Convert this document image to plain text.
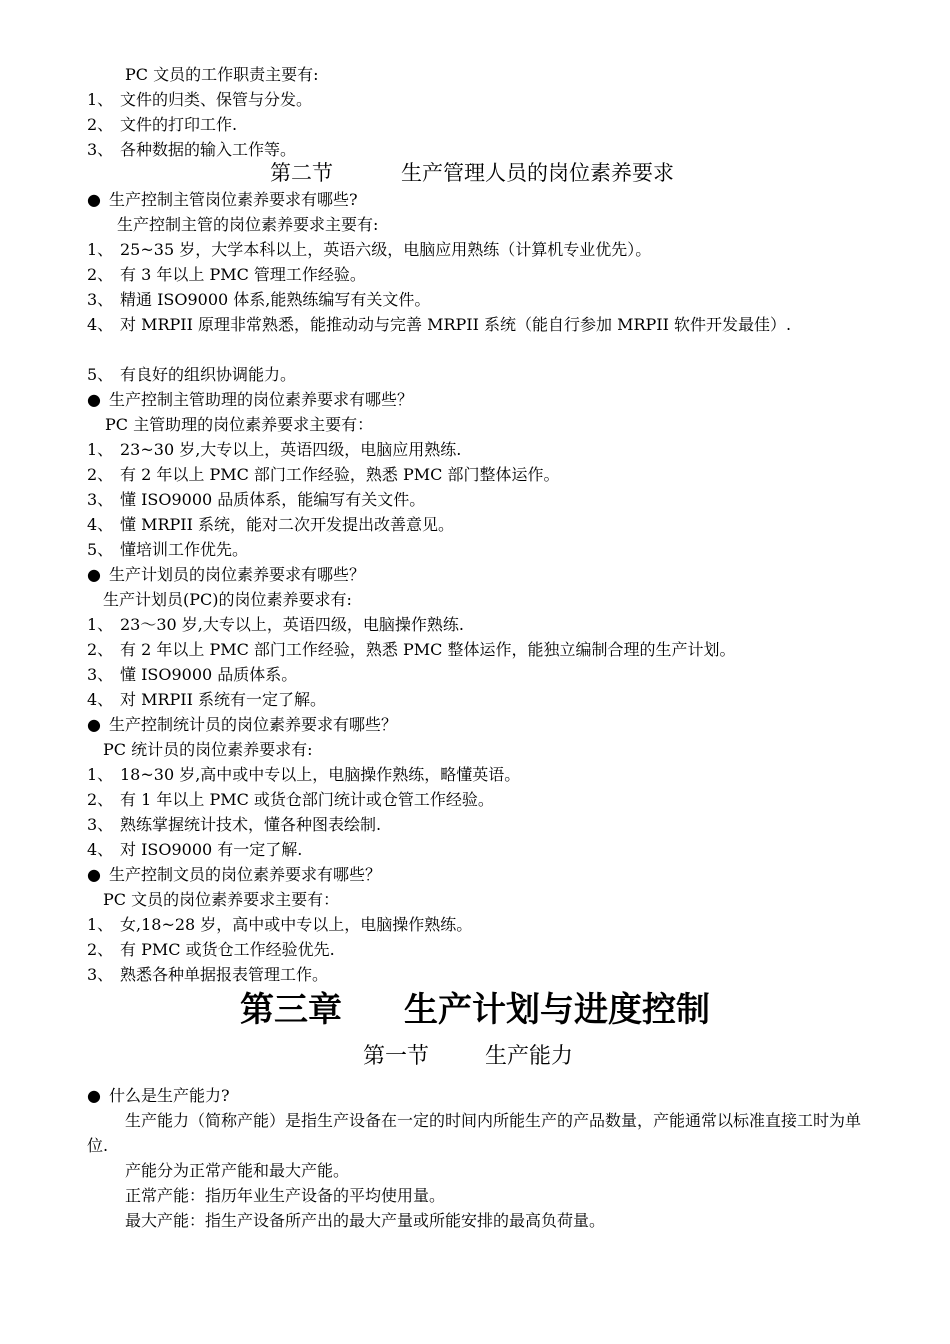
PC 文员的工作职责主要有:
1、 文件的归类、保管与分发。
2、 文件的打印工作.
3、 各种数据的输入工作等。
第二节	生产管理人员的岗位素养要求
● 生产控制主管岗位素养要求有哪些?
生产控制主管的岗位素养要求主要有:
1、 25~35 岁，大学本科以上，英语六级，电脑应用熟练（计算机专业优先）。
2、 有 3 年以上 PMC 管理工作经验。
3、 精通 ISO9000 体系,能熟练编写有关文件。
4、 对 MRPII 原理非常熟悉，能推动动与完善 MRPII 系统（能自行参加 MRPII 软件开发最佳）.
5、 有良好的组织协调能力。
● 生产控制主管助理的岗位素养要求有哪些？
PC 主管助理的岗位素养要求主要有：
1、 23~30 岁,大专以上，英语四级，电脑应用熟练.
2、 有 2 年以上 PMC 部门工作经验，熟悉 PMC 部门整体运作。
3、 懂 ISO9000 品质体系，能编写有关文件。
4、 懂 MRPII 系统，能对二次开发提出改善意见。
5、 懂培训工作优先。
● 生产计划员的岗位素养要求有哪些？
生产计划员(PC)的岗位素养要求有:
1、 23～30 岁,大专以上，英语四级，电脑操作熟练.
2、 有 2 年以上 PMC 部门工作经验，熟悉 PMC 整体运作，能独立编制合理的生产计划。
3、 懂 ISO9000 品质体系。
4、 对 MRPII 系统有一定了解。
● 生产控制统计员的岗位素养要求有哪些？
PC 统计员的岗位素养要求有:
1、 18~30 岁,高中或中专以上，电脑操作熟练，略懂英语。
2、 有 1 年以上 PMC 或货仓部门统计或仓管工作经验。
3、 熟练掌握统计技术，懂各种图表绘制.
4、 对 ISO9000 有一定了解.
● 生产控制文员的岗位素养要求有哪些？
PC 文员的岗位素养要求主要有：
1、 女,18~28 岁，高中或中专以上，电脑操作熟练。
2、 有 PMC 或货仓工作经验优先.
3、 熟悉各种单据报表管理工作。
第三章 生产计划与进度控制
第一节	生产能力
● 什么是生产能力?
生产能力（简称产能）是指生产设备在一定的时间内所能生产的产品数量，产能通常以标准直接工时为单位.
产能分为正常产能和最大产能。
正常产能：指历年业生产设备的平均使用量。
最大产能：指生产设备所产出的最大产量或所能安排的最高负荷量。
